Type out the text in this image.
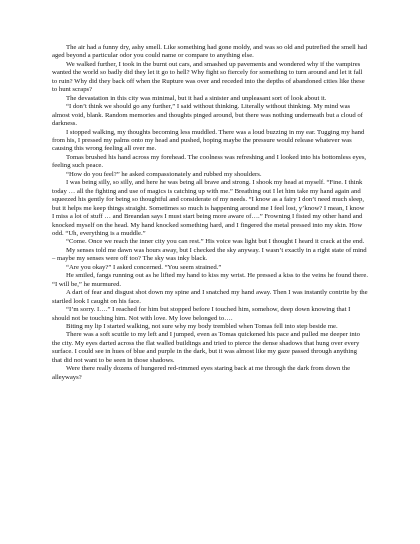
The air had a funny dry, ashy smell. Like something had gone moldy, and was so old and putrefied the smell had aged beyond a particular odor you could name or compare to anything else.

We walked further, I took in the burnt out cars, and smashed up pavements and wondered why if the vampires wanted the world so badly did they let it go to hell? Why fight so fiercely for something to turn around and let it fall to ruin? Why did they back off when the Rupture was over and receded into the depths of abandoned cities like these to hunt scraps?

The devastation in this city was minimal, but it had a sinister and unpleasant sort of look about it.

“I don’t think we should go any further,” I said without thinking. Literally without thinking. My mind was almost void, blank. Random memories and thoughts pinged around, but there was nothing underneath but a cloud of darkness.

I stopped walking, my thoughts becoming less muddled. There was a loud buzzing in my ear. Tugging my hand from his, I pressed my palms onto my head and pushed, hoping maybe the pressure would release whatever was causing this wrong feeling all over me.

Tomas brushed his hand across my forehead. The coolness was refreshing and I looked into his bottomless eyes, feeling such peace.

“How do you feel?” he asked compassionately and rubbed my shoulders.

I was being silly, so silly, and here he was being all brave and strong. I shook my head at myself. “Fine. I think today … all the fighting and use of magics is catching up with me.” Breathing out I let him take my hand again and squeezed his gently for being so thoughtful and considerate of my needs. “I know as a fairy I don’t need much sleep, but it helps me keep things straight. Sometimes so much is happening around me I feel lost, y’know? I mean, I know I miss a lot of stuff … and Breandan says I must start being more aware of….” Frowning I fisted my other hand and knocked myself on the head. My hand knocked something hard, and I fingered the metal pressed into my skin. How odd. “Uh, everything is a muddle.”

“Come. Once we reach the inner city you can rest.” His voice was light but I thought I heard it crack at the end.

My senses told me dawn was hours away, but I checked the sky anyway. I wasn’t exactly in a right state of mind – maybe my senses were off too? The sky was inky black.

“Are you okay?” I asked concerned. “You seem strained.”

He smiled, fangs running out as he lifted my hand to kiss my wrist. He pressed a kiss to the veins he found there. “I will be,” he murmured.

A dart of fear and disgust shot down my spine and I snatched my hand away. Then I was instantly contrite by the startled look I caught on his face.

“I’m sorry. I….” I reached for him but stopped before I touched him, somehow, deep down knowing that I should not be touching him. Not with love. My love belonged to….

Biting my lip I started walking, not sure why my body trembled when Tomas fell into step beside me.

There was a soft scuttle to my left and I jumped, even as Tomas quickened his pace and pulled me deeper into the city. My eyes darted across the flat walled buildings and tried to pierce the dense shadows that hung over every surface. I could see in hues of blue and purple in the dark, but it was almost like my gaze passed through anything that did not want to be seen in those shadows.

Were there really dozens of hungered red-rimmed eyes staring back at me through the dark from down the alleyways?
